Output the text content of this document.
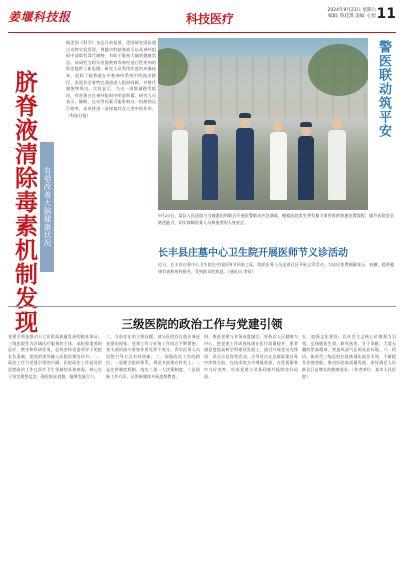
姜堰科技报	科技医疗
2024年9月21日 星期六
编辑: 陈佳琪 美编: 心怡 11
脐脊液清除毒素机制发现 有望改善大脑健康状况
据美国《科学》杂志日前报道，美国研究团队通过动物实验发现，脊髓中的脑脊液可以从神经组织中清除有毒代谢物，有助于维持大脑的健康状态。该研究为阿尔茨海默病等神经退行性疾病的防治提供了新思路。研究人员利用先进的成像技术，追踪了脑脊液在中枢神经系统中的流动路径，发现其沿着特定通道进入组织间隙，并将代谢废物带出。实验显示，当这一清除通路受阻时，有害蛋白在神经组织中明显积累。研究人员表示，睡眠、运动等因素可能影响这一机制的运行效率，未来将进一步探索其在人类中的作用。（科技日报）	警医联动筑平安
9月20日，某县人民医院与当地派出所联合开展医警联动应急演练，模拟医院发生突发暴力事件时的快速处置流程，提升医院安全防范能力，切实保障医务人员和患者的人身安全。
长丰县庄墓中心卫生院开展医师节义诊活动
近日，长丰县庄墓中心卫生院在中国医师节到来之际，组织医务人员走进社区开展义诊活动，为居民免费测量血压、血糖，提供健康咨询和用药指导，受到群众的欢迎。（通讯员 李家）
三级医院的政治工作与党建引领
党建引领是推动公立医院高质量发展的根本保证。三级医院作为区域医疗服务的主体，承担着重要的医疗、教学和科研任务，必须坚持党委领导下的院长负责制，把党的领导融入医院治理各环节。一、政治工作与党建引领的内涵。医院政治工作是党的思想政治工作在医疗卫生领域的具体体现，核心在于坚定理想信念，强化职业道德，凝聚发展合力。
二、当前存在的主要问题。部分医院存在重业务轻党建的现象，党建工作与业务工作结合不够紧密，党支部的战斗堡垒作用发挥不充分，青年医务人员思想引导方式有待创新。三、加强政治工作的路径。一是健全组织体系，将党支部建在科室上；二是完善制度机制，落实三重一大决策制度；三是创新工作方法，运用新媒体开展思想教育。
四、推进党建与业务深度融合。坚持以人民健康为中心，把党建工作成效体现在医疗质量提升、患者满意度提高和学科建设发展上。通过开展党员先锋岗、党员示范岗等活动，引导党员在急难险重任务中冲锋在前，在技术攻关中勇挑重担，在优质服务中当好表率，形成党建与业务同频共振的良好局面。
五、加强文化建设。以社会主义核心价值观为引领，弘扬敬佑生命、救死扶伤、甘于奉献、大爱无疆的崇高精神，营造风清气正的从业环境。六、结语。新时代三级医院应持续强化政治引领，不断提升治理效能，推动医院高质量发展，更好满足人民群众日益增长的健康需求。（作者单位：某市人民医院）
